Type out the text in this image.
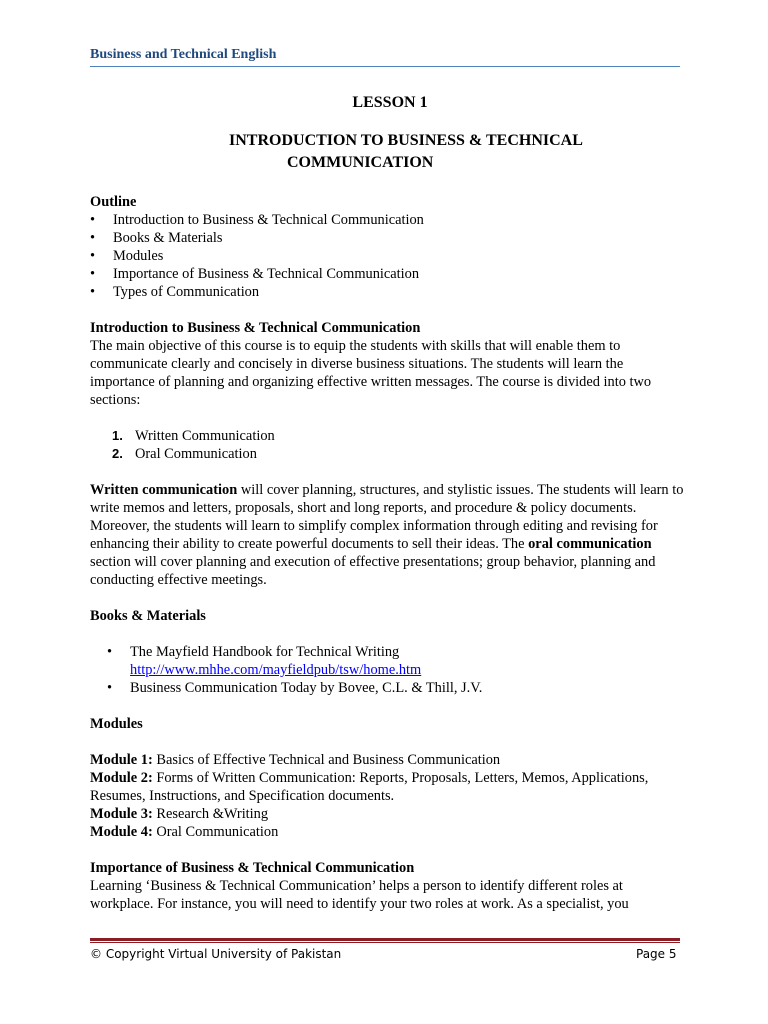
Business and Technical English
LESSON 1
INTRODUCTION TO BUSINESS & TECHNICAL
COMMUNICATION
Outline
• Introduction to Business & Technical Communication
• Books & Materials
• Modules
• Importance of Business & Technical Communication
• Types of Communication
Introduction to Business & Technical Communication
The main objective of this course is to equip the students with skills that will enable them to communicate clearly and concisely in diverse business situations. The students will learn the importance of planning and organizing effective written messages. The course is divided into two sections:
1. Written Communication
2. Oral Communication
Written communication will cover planning, structures, and stylistic issues. The students will learn to write memos and letters, proposals, short and long reports, and procedure & policy documents. Moreover, the students will learn to simplify complex information through editing and revising for enhancing their ability to create powerful documents to sell their ideas. The oral communication section will cover planning and execution of effective presentations; group behavior, planning and conducting effective meetings.
Books & Materials
• The Mayfield Handbook for Technical Writing
http://www.mhhe.com/mayfieldpub/tsw/home.htm
• Business Communication Today by Bovee, C.L. & Thill, J.V.
Modules
Module 1: Basics of Effective Technical and Business Communication
Module 2: Forms of Written Communication: Reports, Proposals, Letters, Memos, Applications, Resumes, Instructions, and Specification documents.
Module 3: Research &Writing
Module 4: Oral Communication
Importance of Business & Technical Communication
Learning ‘Business & Technical Communication’ helps a person to identify different roles at workplace. For instance, you will need to identify your two roles at work. As a specialist, you
© Copyright Virtual University of Pakistan	Page 5
